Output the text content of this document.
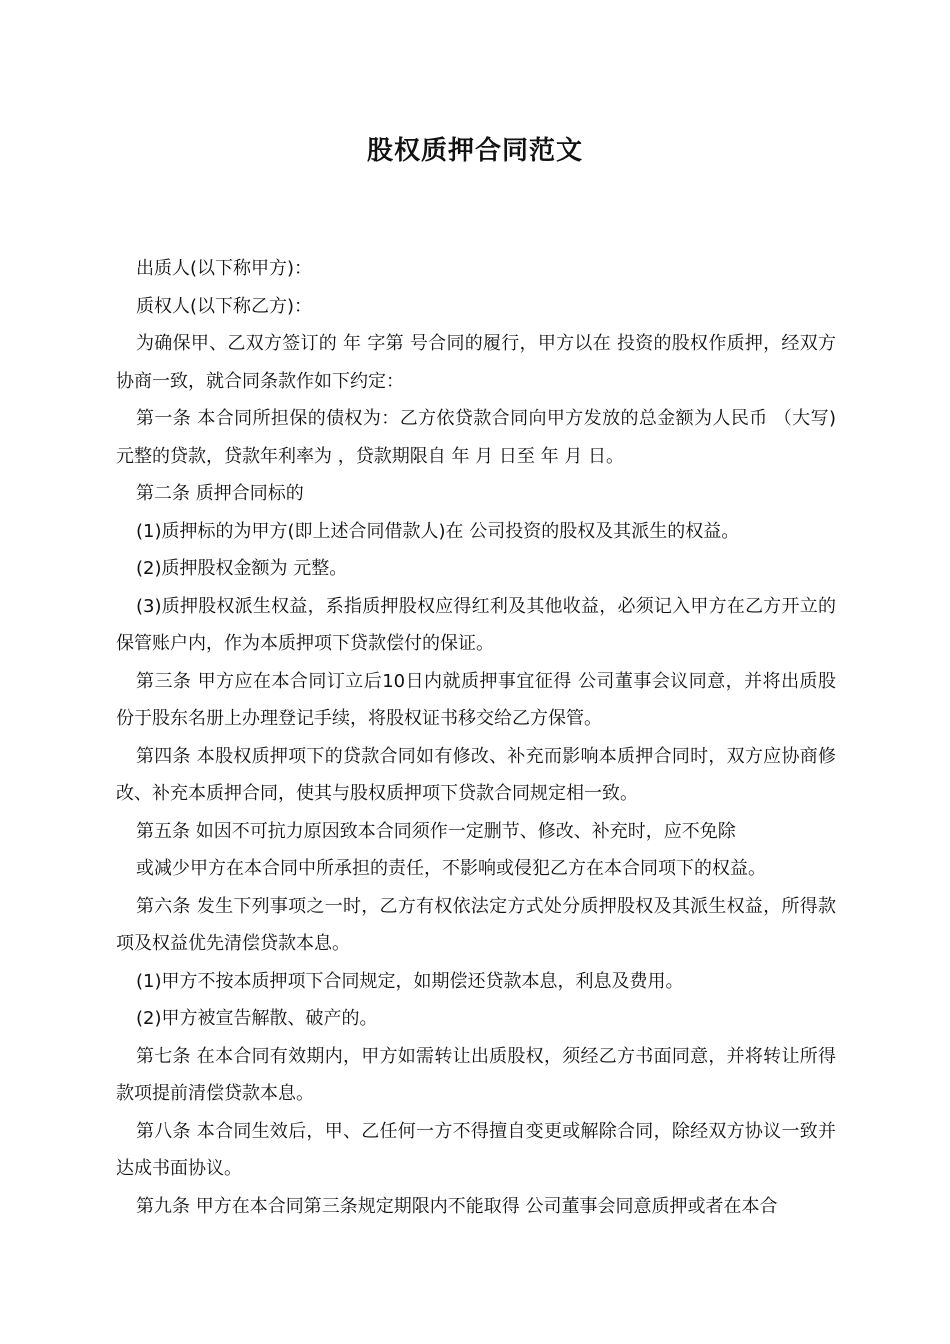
股权质押合同范文

出质人(以下称甲方)：

质权人(以下称乙方)：

为确保甲、乙双方签订的 年 字第 号合同的履行，甲方以在 投资的股权作质押，经双方协商一致，就合同条款作如下约定：

第一条 本合同所担保的债权为：乙方依贷款合同向甲方发放的总金额为人民币 （大写)元整的贷款，贷款年利率为 ，贷款期限自 年 月 日至 年 月 日。

第二条 质押合同标的

(1)质押标的为甲方(即上述合同借款人)在 公司投资的股权及其派生的权益。

(2)质押股权金额为 元整。

(3)质押股权派生权益，系指质押股权应得红利及其他收益，必须记入甲方在乙方开立的保管账户内，作为本质押项下贷款偿付的保证。

第三条 甲方应在本合同订立后10日内就质押事宜征得 公司董事会议同意，并将出质股份于股东名册上办理登记手续，将股权证书移交给乙方保管。

第四条 本股权质押项下的贷款合同如有修改、补充而影响本质押合同时，双方应协商修改、补充本质押合同，使其与股权质押项下贷款合同规定相一致。

第五条 如因不可抗力原因致本合同须作一定删节、修改、补充时，应不免除

或减少甲方在本合同中所承担的责任，不影响或侵犯乙方在本合同项下的权益。

第六条 发生下列事项之一时，乙方有权依法定方式处分质押股权及其派生权益，所得款项及权益优先清偿贷款本息。

(1)甲方不按本质押项下合同规定，如期偿还贷款本息，利息及费用。

(2)甲方被宣告解散、破产的。

第七条 在本合同有效期内，甲方如需转让出质股权，须经乙方书面同意，并将转让所得款项提前清偿贷款本息。

第八条 本合同生效后，甲、乙任何一方不得擅自变更或解除合同，除经双方协议一致并达成书面协议。

第九条 甲方在本合同第三条规定期限内不能取得 公司董事会同意质押或者在本合
